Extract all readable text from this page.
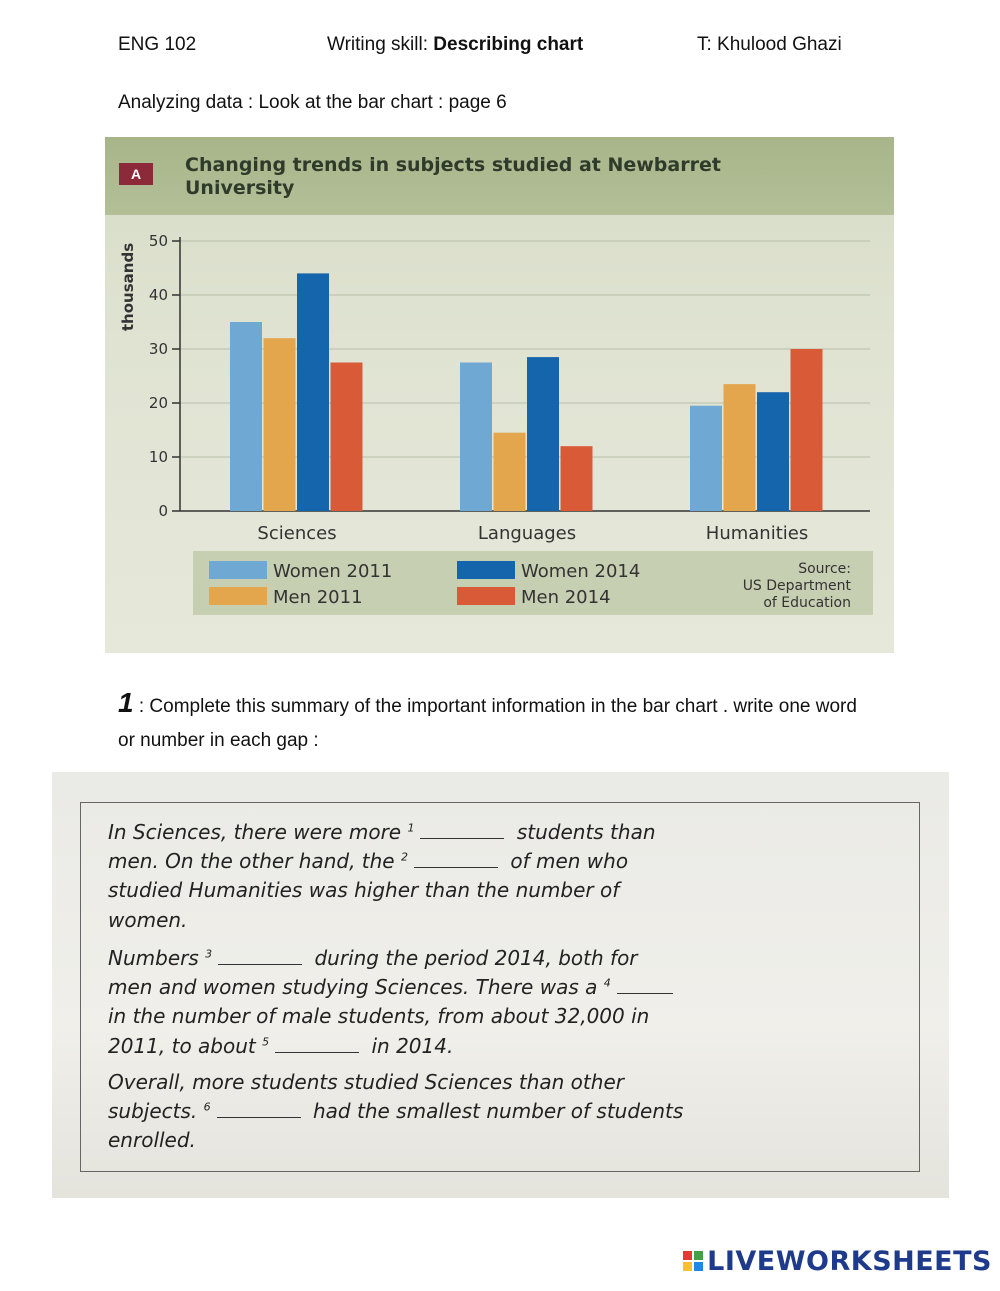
ENG 102	Writing skill: Describing chart	T: Khulood Ghazi
Analyzing data : Look at the bar chart : page 6
A Changing trends in subjects studied at Newbarret
University
thousands
0
10
20
30
40
50
Sciences	Languages	Humanities
Women 2011
Men 2011
Women 2014
Men 2014
Source:
US Department
of Education
1 : Complete this summary of the important information in the bar chart . write one word or number in each gap :
In Sciences, there were more $^1$	students than
men. On the other hand, the $^2$	of men who
studied Humanities was higher than the number of
women.
Numbers $^3$	during the period 2014, both for
men and women studying Sciences. There was a $^4$
in the number of male students, from about 32,000 in
2011, to about $^5$	in 2014.
Overall, more students studied Sciences than other
subjects. $^6$	had the smallest number of students
enrolled.
LIVEWORKSHEETS
